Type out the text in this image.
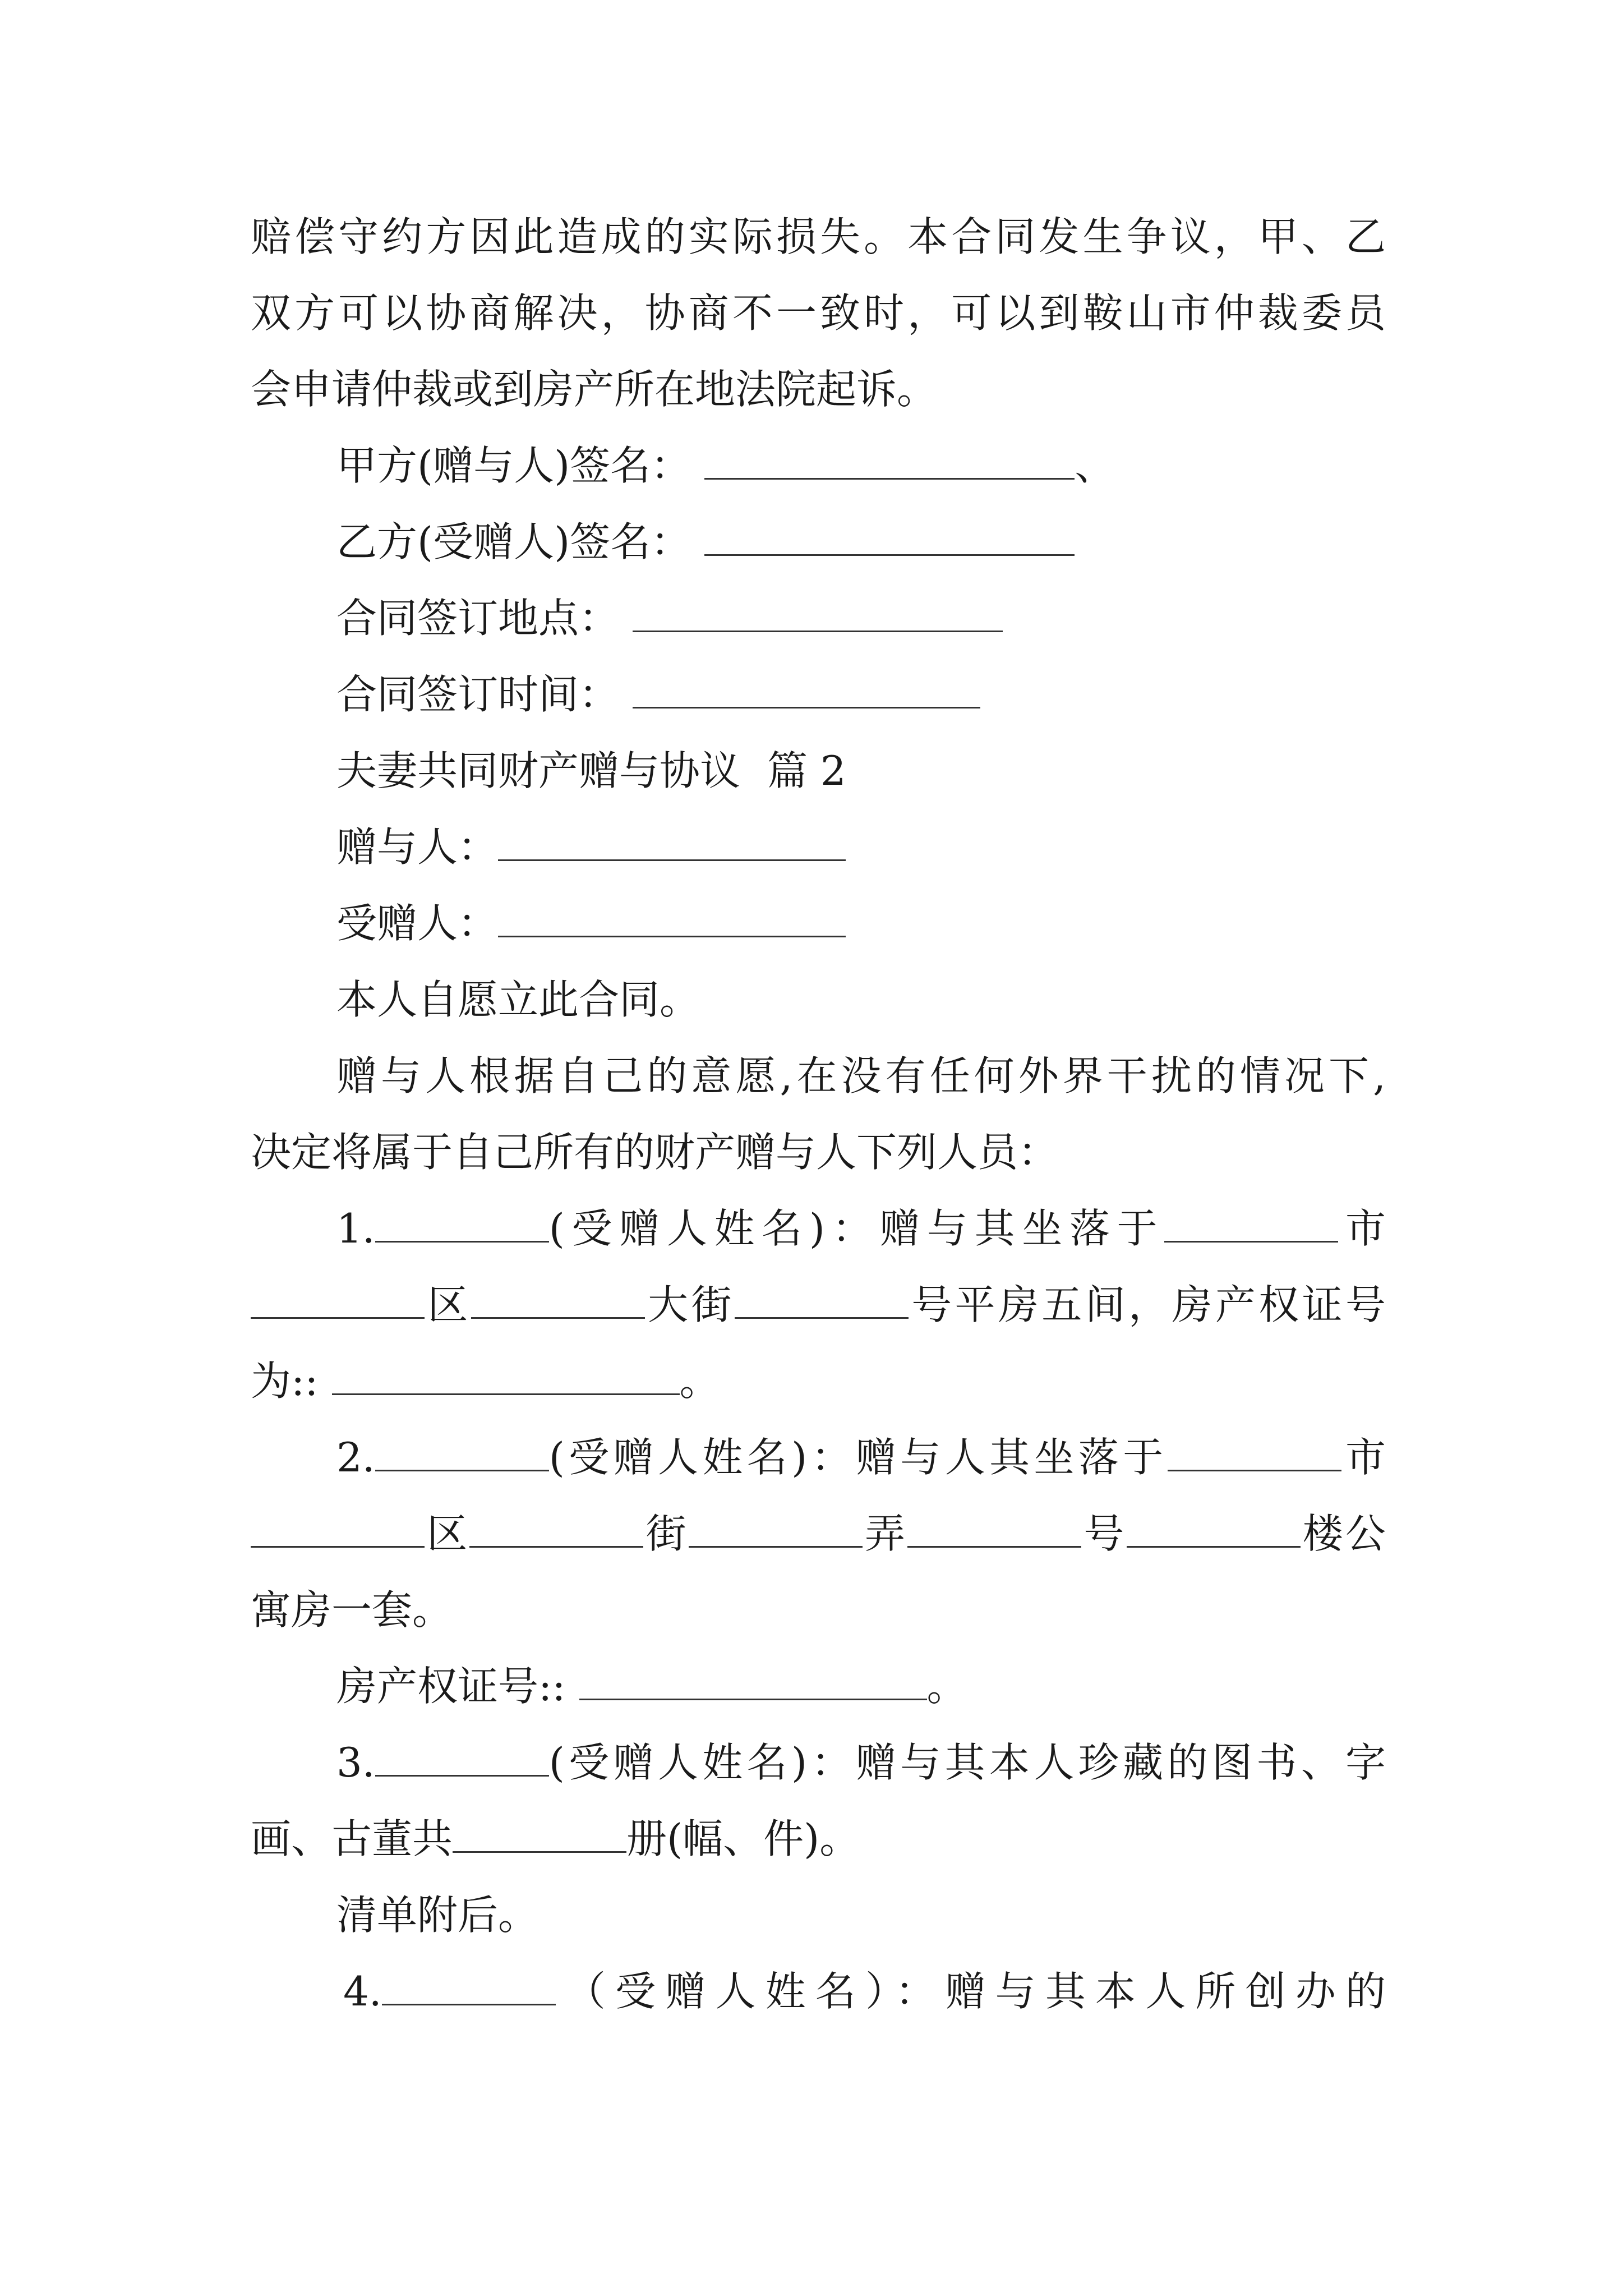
赔偿守约方因此造成的实际损失。本合同发生争议，甲、乙
双方可以协商解决，协商不一致时，可以到鞍山市仲裁委员
会申请仲裁或到房产所在地法院起诉。
甲方(赠与人)签名：	、
乙方(受赠人)签名：
合同签订地点：
合同签订时间：
夫妻共同财产赠与协议 篇 2
赠与人：
受赠人：
本人自愿立此合同。
赠与人根据自己的意愿,在没有任何外界干扰的情况下,
决定将属于自己所有的财产赠与人下列人员：
1.	(受赠人姓名)：赠与其坐落于	市
区	大街	号平房五间，房产权证号
为::	。
2.	(受赠人姓名)：赠与人其坐落于	市
区	街	弄	号	楼公
寓房一套。
房产权证号::	。
3.	(受赠人姓名)：赠与其本人珍藏的图书、字
画、古董共	册(幅、件)。
清单附后。
4.	（受赠人姓名）：赠与其本人所创办的
